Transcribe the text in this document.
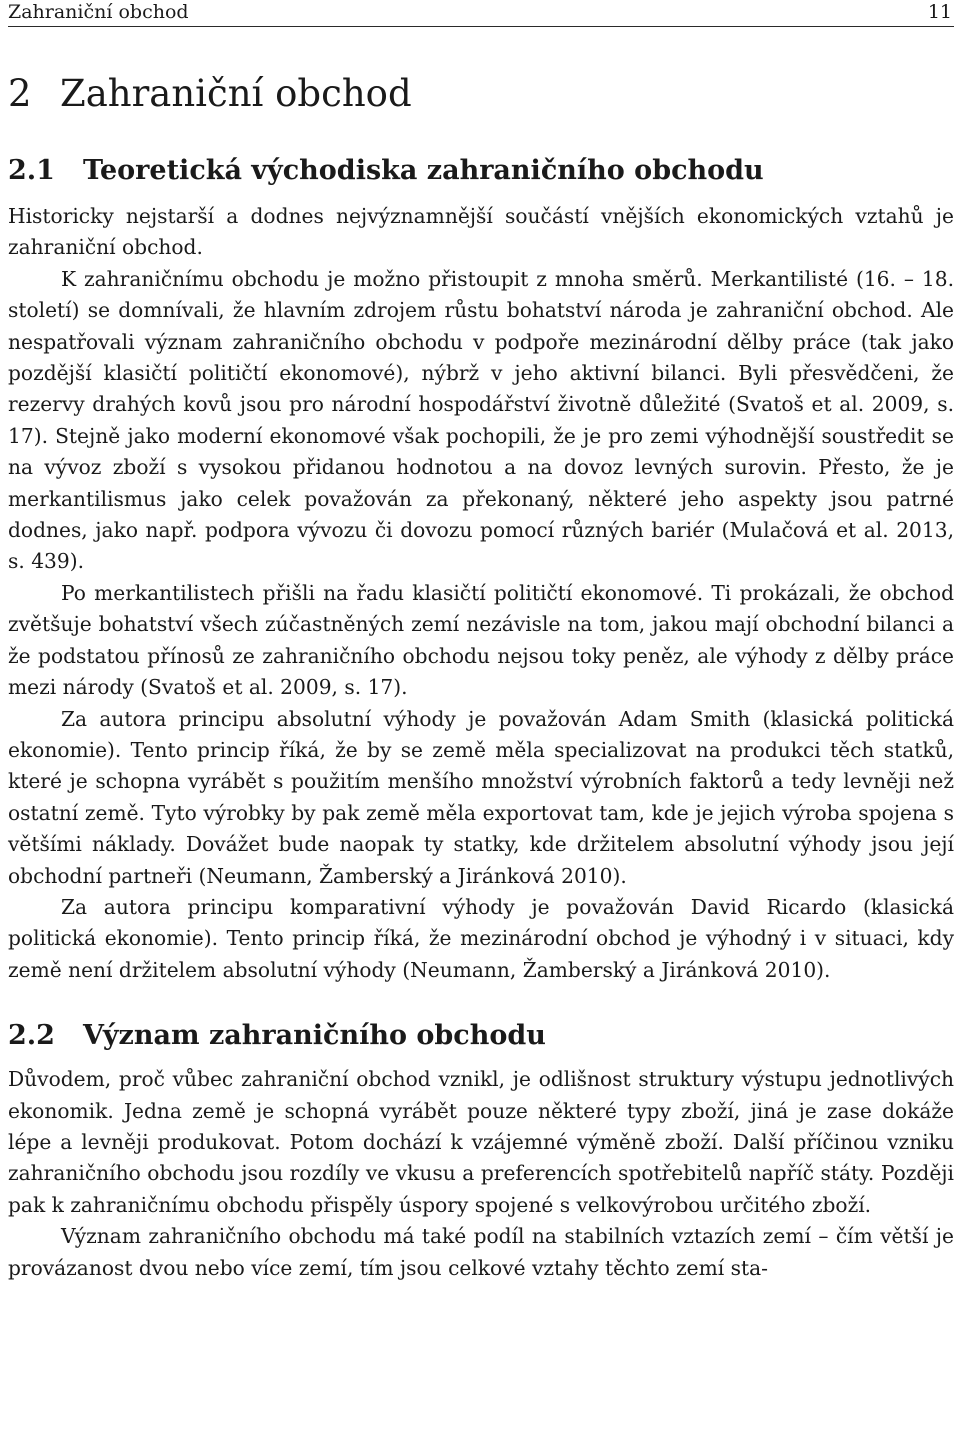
Zahraniční obchod	11
2 Zahraniční obchod
2.1	Teoretická východiska zahraničního obchodu

Historicky nejstarší a dodnes nejvýznamnější součástí vnějších ekonomických vztahů je zahraniční obchod.

K zahraničnímu obchodu je možno přistoupit z mnoha směrů. Merkantilisté (16. – 18. století) se domnívali, že hlavním zdrojem růstu bohatství národa je zahraniční obchod. Ale nespatřovali význam zahraničního obchodu v podpoře mezinárodní dělby práce (tak jako pozdější klasičtí političtí ekonomové), nýbrž v jeho aktivní bilanci. Byli přesvědčeni, že rezervy drahých kovů jsou pro národní hospodářství životně důležité (Svatoš et al. 2009, s. 17). Stejně jako moderní ekonomové však pochopili, že je pro zemi výhodnější soustředit se na vývoz zboží s vysokou přidanou hodnotou a na dovoz levných surovin. Přesto, že je merkantilismus jako celek považován za překonaný, některé jeho aspekty jsou patrné dodnes, jako např. podpora vývozu či dovozu pomocí různých bariér (Mulačová et al. 2013, s. 439).

Po merkantilistech přišli na řadu klasičtí političtí ekonomové. Ti prokázali, že obchod zvětšuje bohatství všech zúčastněných zemí nezávisle na tom, jakou mají obchodní bilanci a že podstatou přínosů ze zahraničního obchodu nejsou toky peněz, ale výhody z dělby práce mezi národy (Svatoš et al. 2009, s. 17).

Za autora principu absolutní výhody je považován Adam Smith (klasická politická ekonomie). Tento princip říká, že by se země měla specializovat na produkci těch statků, které je schopna vyrábět s použitím menšího množství výrobních faktorů a tedy levněji než ostatní země. Tyto výrobky by pak země měla exportovat tam, kde je jejich výroba spojena s většími náklady. Dovážet bude naopak ty statky, kde držitelem absolutní výhody jsou její obchodní partneři (Neumann, Žamberský a Jiránková 2010).

Za autora principu komparativní výhody je považován David Ricardo (klasická politická ekonomie). Tento princip říká, že mezinárodní obchod je výhodný i v situaci, kdy země není držitelem absolutní výhody (Neumann, Žamberský a Jiránková 2010).

2.2	Význam zahraničního obchodu

Důvodem, proč vůbec zahraniční obchod vznikl, je odlišnost struktury výstupu jednotlivých ekonomik. Jedna země je schopná vyrábět pouze některé typy zboží, jiná je zase dokáže lépe a levněji produkovat. Potom dochází k vzájemné výměně zboží. Další příčinou vzniku zahraničního obchodu jsou rozdíly ve vkusu a preferencích spotřebitelů napříč státy. Později pak k zahraničnímu obchodu přispěly úspory spojené s velkovýrobou určitého zboží.

Význam zahraničního obchodu má také podíl na stabilních vztazích zemí – čím větší je provázanost dvou nebo více zemí, tím jsou celkové vztahy těchto zemí sta-
